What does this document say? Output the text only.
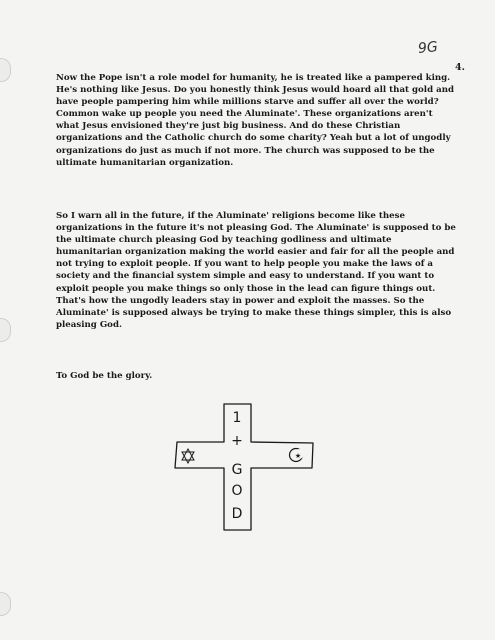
9G
4.

Now the Pope isn't a role model for humanity, he is treated like a pampered king. He's nothing like Jesus. Do you honestly think Jesus would hoard all that gold and have people pampering him while millions starve and suffer all over the world? Common wake up people you need the Aluminate'. These organizations aren't what Jesus envisioned they're just big business. And do these Christian organizations and the Catholic church do some charity? Yeah but a lot of ungodly organizations do just as much if not more. The church was supposed to be the ultimate humanitarian organization.

So I warn all in the future, if the Aluminate' religions become like these organizations in the future it's not pleasing God. The Aluminate' is supposed to be the ultimate church pleasing God by teaching godliness and ultimate humanitarian organization making the world easier and fair for all the people and not trying to exploit people. If you want to help people you make the laws of a society and the financial system simple and easy to understand. If you want to exploit people you make things so only those in the lead can figure things out. That's how the ungodly leaders stay in power and exploit the masses. So the Aluminate' is supposed always be trying to make these things simpler, this is also pleasing God.

To God be the glory.

1
+
G
O
D
★
